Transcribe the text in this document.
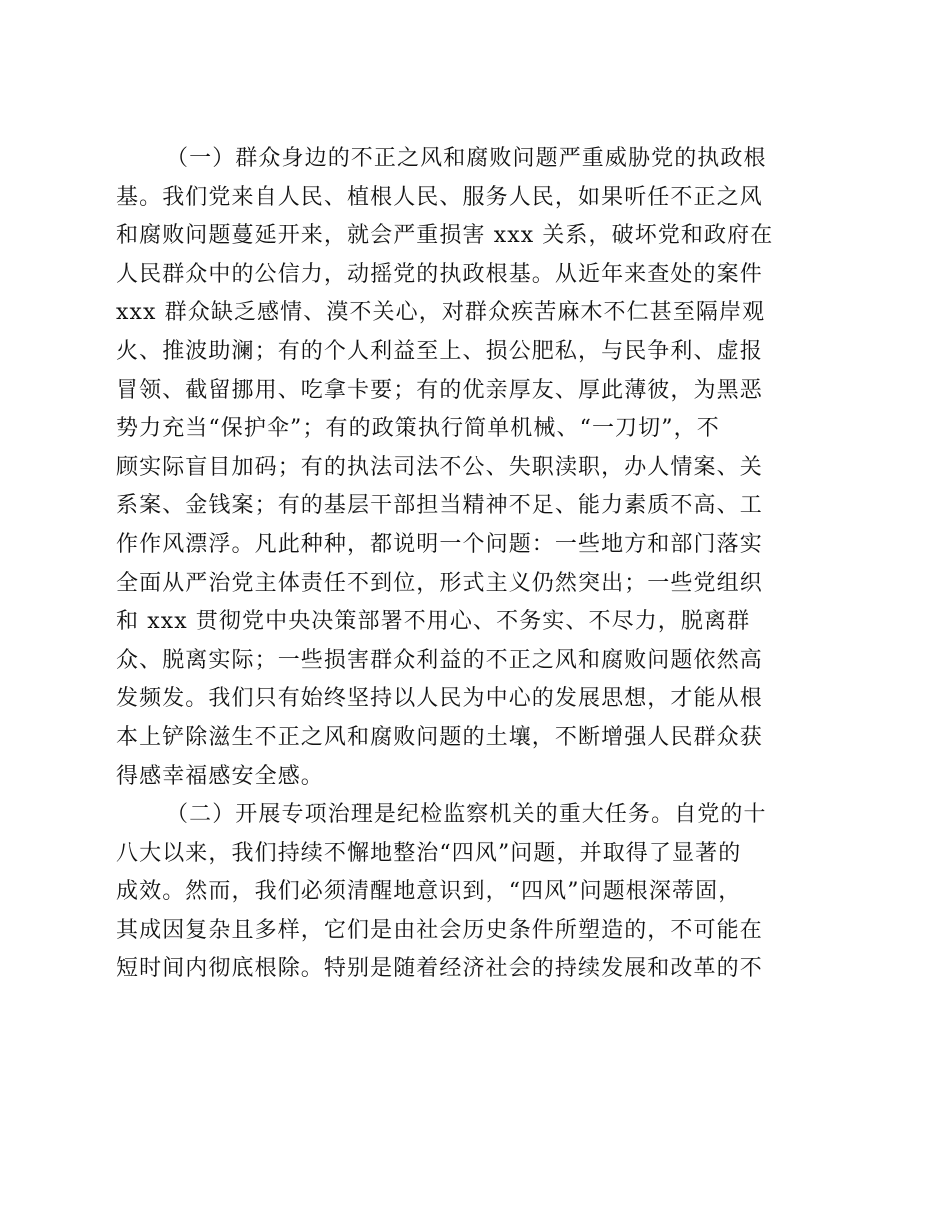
（一）群众身边的不正之风和腐败问题严重威胁党的执政根
基。我们党来自人民、植根人民、服务人民，如果听任不正之风
和腐败问题蔓延开来，就会严重损害 xxx 关系，破坏党和政府在
人民群众中的公信力，动摇党的执政根基。从近年来查处的案件
xxx 群众缺乏感情、漠不关心，对群众疾苦麻木不仁甚至隔岸观
火、推波助澜；有的个人利益至上、损公肥私，与民争利、虚报
冒领、截留挪用、吃拿卡要；有的优亲厚友、厚此薄彼，为黑恶
势力充当“保护伞”；有的政策执行简单机械、“一刀切”，不
顾实际盲目加码；有的执法司法不公、失职渎职，办人情案、关
系案、金钱案；有的基层干部担当精神不足、能力素质不高、工
作作风漂浮。凡此种种，都说明一个问题：一些地方和部门落实
全面从严治党主体责任不到位，形式主义仍然突出；一些党组织
和 xxx 贯彻党中央决策部署不用心、不务实、不尽力，脱离群
众、脱离实际；一些损害群众利益的不正之风和腐败问题依然高
发频发。我们只有始终坚持以人民为中心的发展思想，才能从根
本上铲除滋生不正之风和腐败问题的土壤，不断增强人民群众获
得感幸福感安全感。
（二）开展专项治理是纪检监察机关的重大任务。自党的十
八大以来，我们持续不懈地整治“四风”问题，并取得了显著的
成效。然而，我们必须清醒地意识到，“四风”问题根深蒂固，
其成因复杂且多样，它们是由社会历史条件所塑造的，不可能在
短时间内彻底根除。特别是随着经济社会的持续发展和改革的不
